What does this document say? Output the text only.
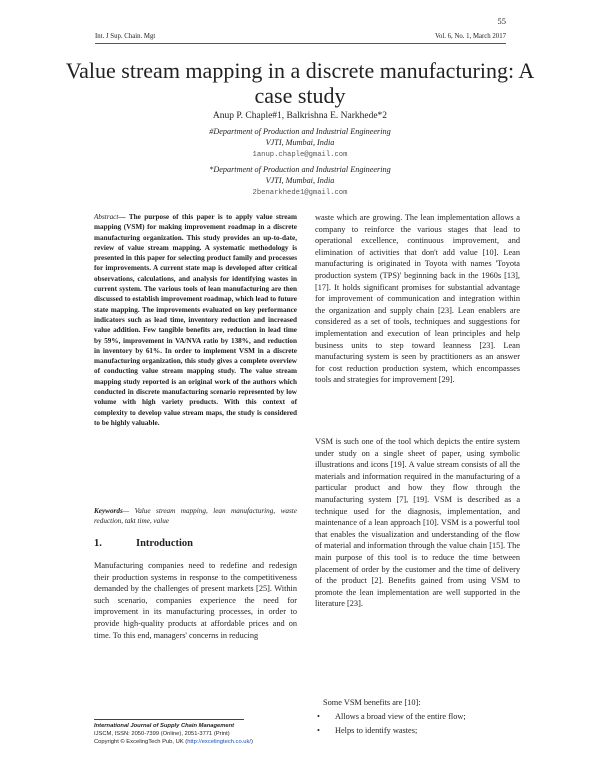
55
Int. J Sup. Chain. Mgt	Vol. 6, No. 1, March 2017
Value stream mapping in a discrete manufacturing: A case study
Anup P. Chaple#1, Balkrishna E. Narkhede*2
#Department of Production and Industrial Engineering
VJTI, Mumbai, India
1anup.chaple@gmail.com
*Department of Production and Industrial Engineering
VJTI, Mumbai, India
2benarkhede1@gmail.com
Abstract— The purpose of this paper is to apply value stream mapping (VSM) for making improvement roadmap in a discrete manufacturing organization. This study provides an up-to-date, review of value stream mapping. A systematic methodology is presented in this paper for selecting product family and processes for improvements. A current state map is developed after critical observations, calculations, and analysis for identifying wastes in current system. The various tools of lean manufacturing are then discussed to establish improvement roadmap, which lead to future state mapping. The improvements evaluated on key performance indicators such as lead time, inventory reduction and increased value addition. Few tangible benefits are, reduction in lead time by 59%, improvement in VA/NVA ratio by 138%, and reduction in inventory by 61%. In order to implement VSM in a discrete manufacturing organization, this study gives a complete overview of conducting value stream mapping study. The value stream mapping study reported is an original work of the authors which conducted in discrete manufacturing scenario represented by low volume with high variety products. With this context of complexity to develop value stream maps, the study is considered to be highly valuable.
Keywords— Value stream mapping, lean manufacturing, waste reduction, takt time, value
1.	Introduction
Manufacturing companies need to redefine and redesign their production systems in response to the competitiveness demanded by the challenges of present markets [25]. Within such scenario, companies experience the need for improvement in its manufacturing processes, in order to provide high-quality products at affordable prices and on time. To this end, managers' concerns in reducing
International Journal of Supply Chain Management
IJSCM, ISSN: 2050-7399 (Online), 2051-3771 (Print)
Copyright © ExcelingTech Pub, UK (http://excelingtech.co.uk/)
waste which are growing. The lean implementation allows a company to reinforce the various stages that lead to operational excellence, continuous improvement, and elimination of activities that don't add value [10]. Lean manufacturing is originated in Toyota with names 'Toyota production system (TPS)' beginning back in the 1960s [13], [17]. It holds significant promises for substantial advantage for improvement of communication and integration within the organization and supply chain [23]. Lean enablers are considered as a set of tools, techniques and suggestions for implementation and execution of lean principles and help business units to step toward leanness [23]. Lean manufacturing system is seen by practitioners as an answer for cost reduction production system, which encompasses tools and strategies for improvement [29].
VSM is such one of the tool which depicts the entire system under study on a single sheet of paper, using symbolic illustrations and icons [19]. A value stream consists of all the materials and information required in the manufacturing of a particular product and how they flow through the manufacturing system [7], [19]. VSM is described as a technique used for the diagnosis, implementation, and maintenance of a lean approach [10]. VSM is a powerful tool that enables the visualization and understanding of the flow of material and information through the value chain [15]. The main purpose of this tool is to reduce the time between placement of order by the customer and the time of delivery of the product [2]. Benefits gained from using VSM to promote the lean implementation are well supported in the literature [23].
Some VSM benefits are [10]:
• Allows a broad view of the entire flow;
• Helps to identify wastes;
